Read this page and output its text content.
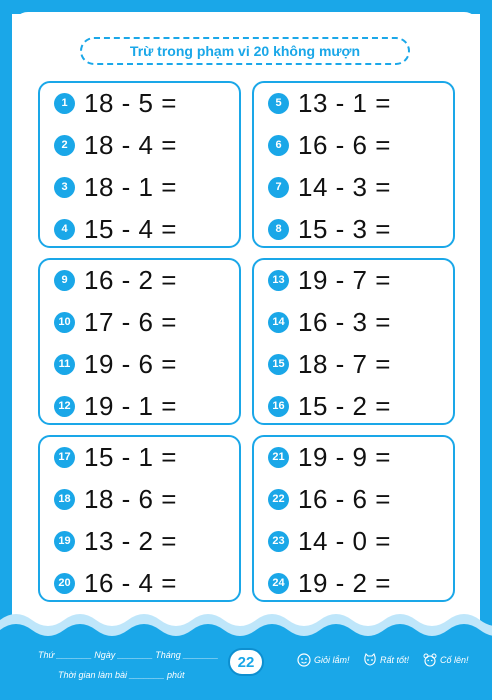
Trừ trong phạm vi 20 không mượn
1 18 - 5 =
2 18 - 4 =
3 18 - 1 =
4 15 - 4 =
5 13 - 1 =
6 16 - 6 =
7 14 - 3 =
8 15 - 3 =
9 16 - 2 =
10 17 - 6 =
11 19 - 6 =
12 19 - 1 =
13 19 - 7 =
14 16 - 3 =
15 18 - 7 =
16 15 - 2 =
17 15 - 1 =
18 18 - 6 =
19 13 - 2 =
20 16 - 4 =
21 19 - 9 =
22 16 - 6 =
23 14 - 0 =
24 19 - 2 =
Thứ _______ Ngày _______ Tháng _______
Thời gian làm bài _______ phút
22	Giỏi lắm!	Rất tốt!	Cố lên!
